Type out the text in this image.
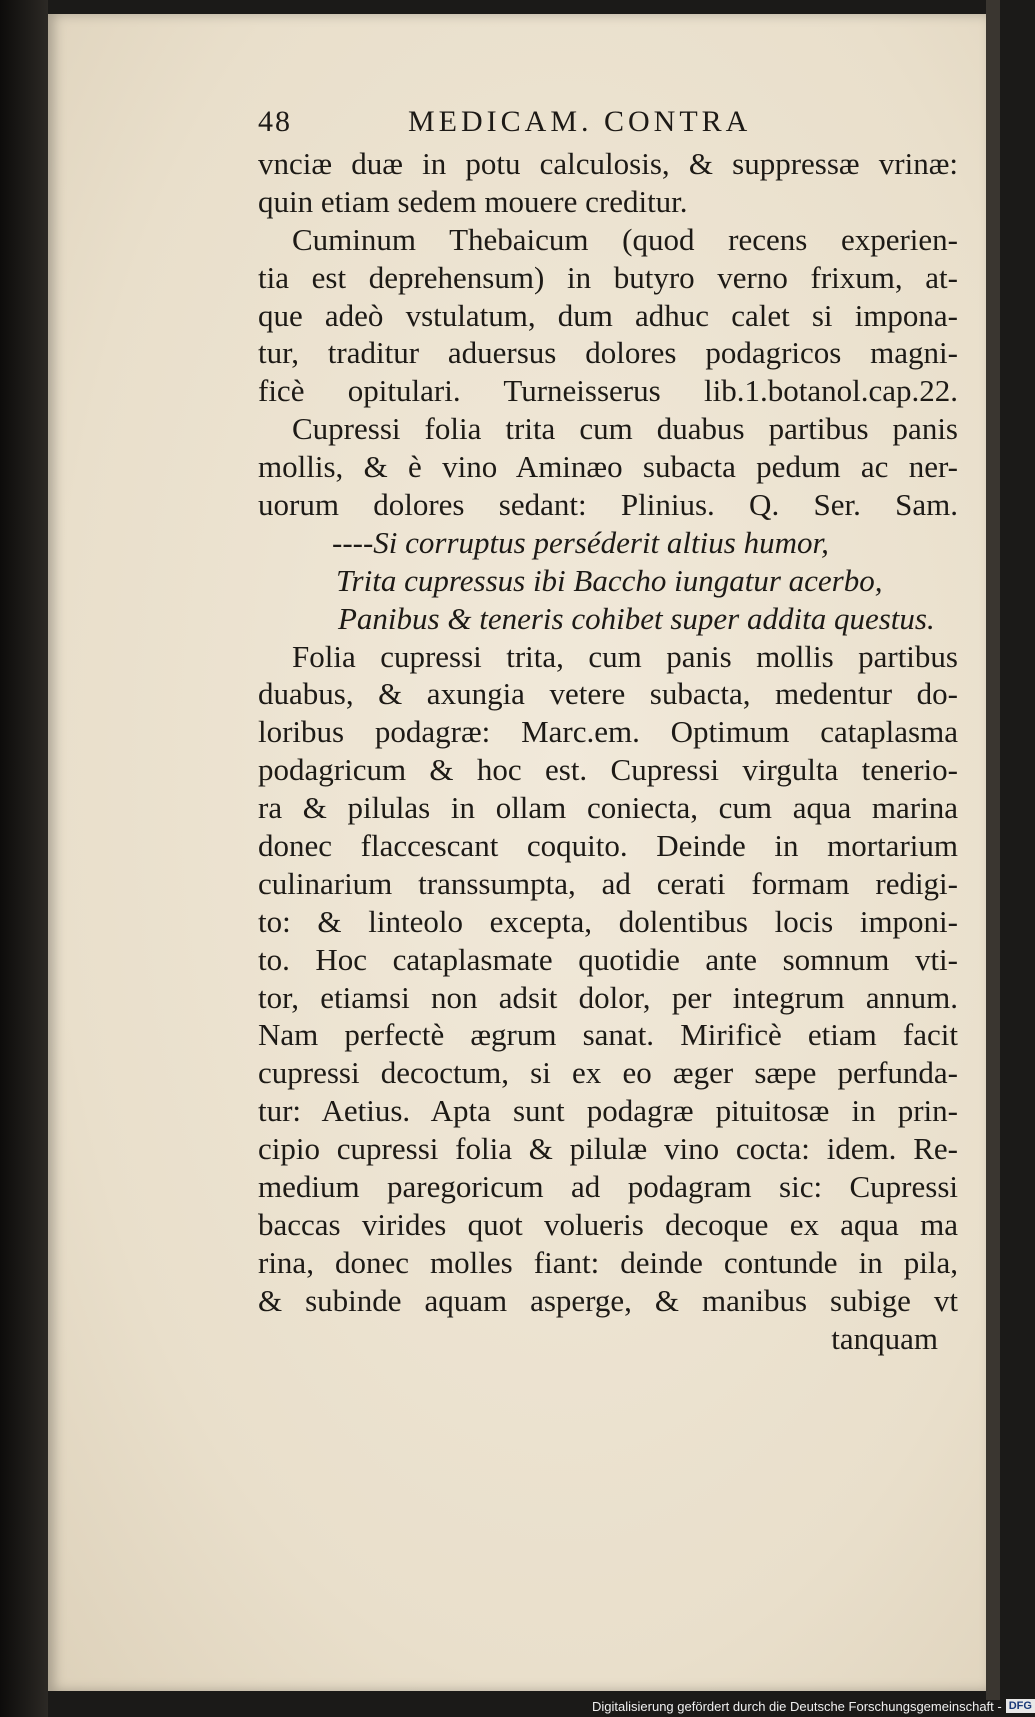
48	MEDICAM. CONTRA
vnciæ duæ in potu calculosis, & suppressæ vrinæ:
quin etiam sedem mouere creditur.
Cuminum Thebaicum (quod recens experien-
tia est deprehensum) in butyro verno frixum, at-
que adeò vstulatum, dum adhuc calet si impona-
tur, traditur aduersus dolores podagricos magni-
ficè opitulari. Turneisserus lib.1.botanol.cap.22.
Cupressi folia trita cum duabus partibus panis
mollis, & è vino Aminæo subacta pedum ac ner-
uorum dolores sedant: Plinius. Q. Ser. Sam.
----Si corruptus perséderit altius humor,
Trita cupressus ibi Baccho iungatur acerbo,
Panibus & teneris cohibet super addita questus.
Folia cupressi trita, cum panis mollis partibus
duabus, & axungia vetere subacta, medentur do-
loribus podagræ: Marc.em. Optimum cataplasma
podagricum & hoc est. Cupressi virgulta tenerio-
ra & pilulas in ollam coniecta, cum aqua marina
donec flaccescant coquito. Deinde in mortarium
culinarium transsumpta, ad cerati formam redigi-
to: & linteolo excepta, dolentibus locis imponi-
to. Hoc cataplasmate quotidie ante somnum vti-
tor, etiamsi non adsit dolor, per integrum annum.
Nam perfectè ægrum sanat. Mirificè etiam facit
cupressi decoctum, si ex eo æger sæpe perfunda-
tur: Aetius. Apta sunt podagræ pituitosæ in prin-
cipio cupressi folia & pilulæ vino cocta: idem. Re-
medium paregoricum ad podagram sic: Cupressi
baccas virides quot volueris decoque ex aqua ma
rina, donec molles fiant: deinde contunde in pila,
& subinde aquam asperge, & manibus subige vt
tanquam
Digitalisierung gefördert durch die Deutsche Forschungsgemeinschaft - DFG
